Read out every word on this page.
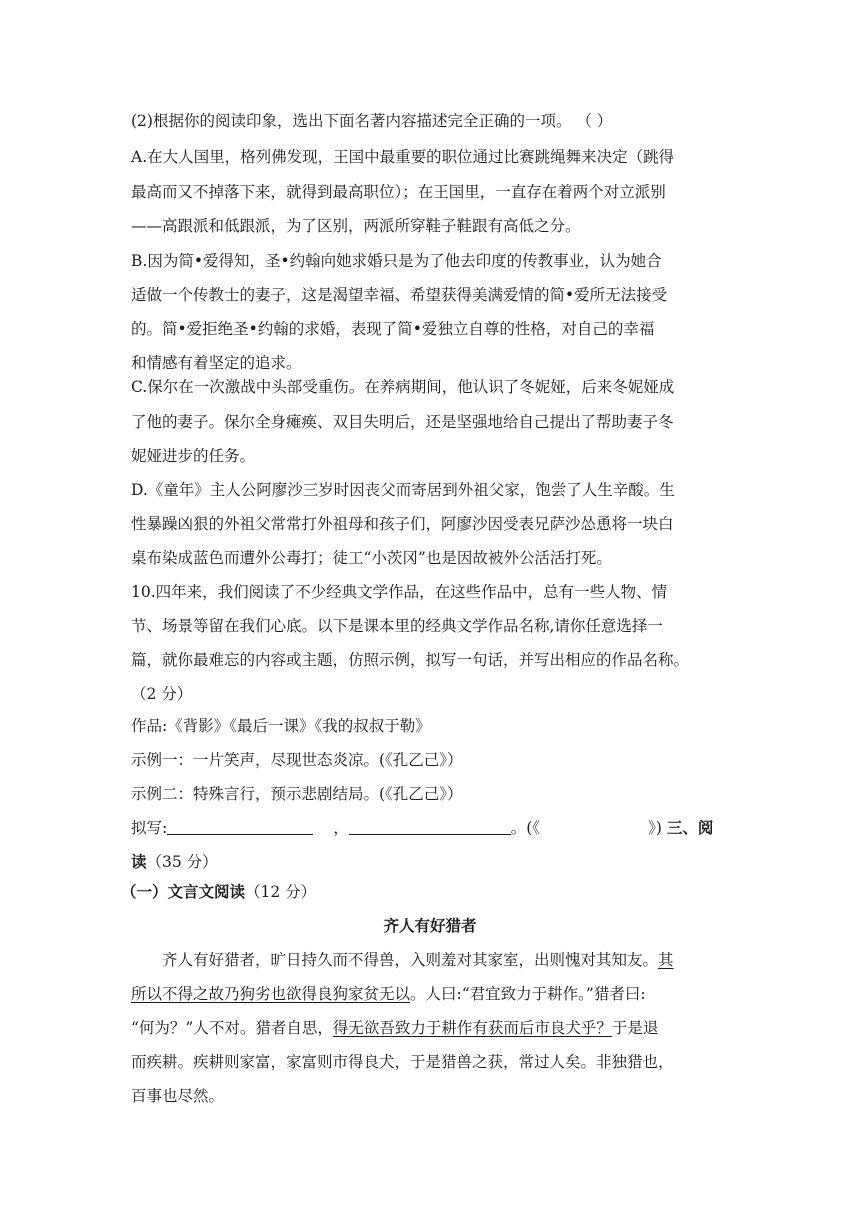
(2)根据你的阅读印象，选出下面名著内容描述完全正确的一项。 （ ）
A.在大人国里，格列佛发现，王国中最重要的职位通过比赛跳绳舞来决定（跳得
最高而又不掉落下来，就得到最高职位）；在王国里，一直存在着两个对立派别
——高跟派和低跟派，为了区别，两派所穿鞋子鞋跟有高低之分。
B.因为简•爱得知，圣•约翰向她求婚只是为了他去印度的传教事业，认为她合
适做一个传教士的妻子，这是渴望幸福、希望获得美满爱情的简•爱所无法接受
的。简•爱拒绝圣•约翰的求婚，表现了简•爱独立自尊的性格，对自己的幸福
和情感有着坚定的追求。
C.保尔在一次激战中头部受重伤。在养病期间，他认识了冬妮娅，后来冬妮娅成
了他的妻子。保尔全身瘫痪、双目失明后，还是坚强地给自己提出了帮助妻子冬
妮娅进步的任务。
D.《童年》主人公阿廖沙三岁时因丧父而寄居到外祖父家，饱尝了人生辛酸。生
性暴躁凶狠的外祖父常常打外祖母和孩子们，阿廖沙因受表兄萨沙怂恿将一块白
桌布染成蓝色而遭外公毒打；徒工“小茨冈”也是因故被外公活活打死。
10.四年来，我们阅读了不少经典文学作品，在这些作品中，总有一些人物、情
节、场景等留在我们心底。以下是课本里的经典文学作品名称,请你任意选择一
篇，就你最难忘的内容或主题，仿照示例，拟写一句话，并写出相应的作品名称。
（2 分）
作品:《背影》《最后一课》《我的叔叔于勒》
示例一：一片笑声，尽现世态炎凉。(《孔乙己》）
示例二：特殊言行，预示悲剧结局。(《孔乙己》）
拟写:	，	。(《	》) 三、阅
读（35 分）
（一）文言文阅读（12 分）
齐人有好猎者
齐人有好猎者，旷日持久而不得兽，入则羞对其家室，出则愧对其知友。其
所以不得之故乃狗劣也欲得良狗家贫无以。人曰:“君宜致力于耕作。”猎者曰:
“何为？”人不对。猎者自思，得无欲吾致力于耕作有获而后市良犬乎？于是退
而疾耕。疾耕则家富，家富则市得良犬，于是猎兽之获，常过人矣。非独猎也，
百事也尽然。
